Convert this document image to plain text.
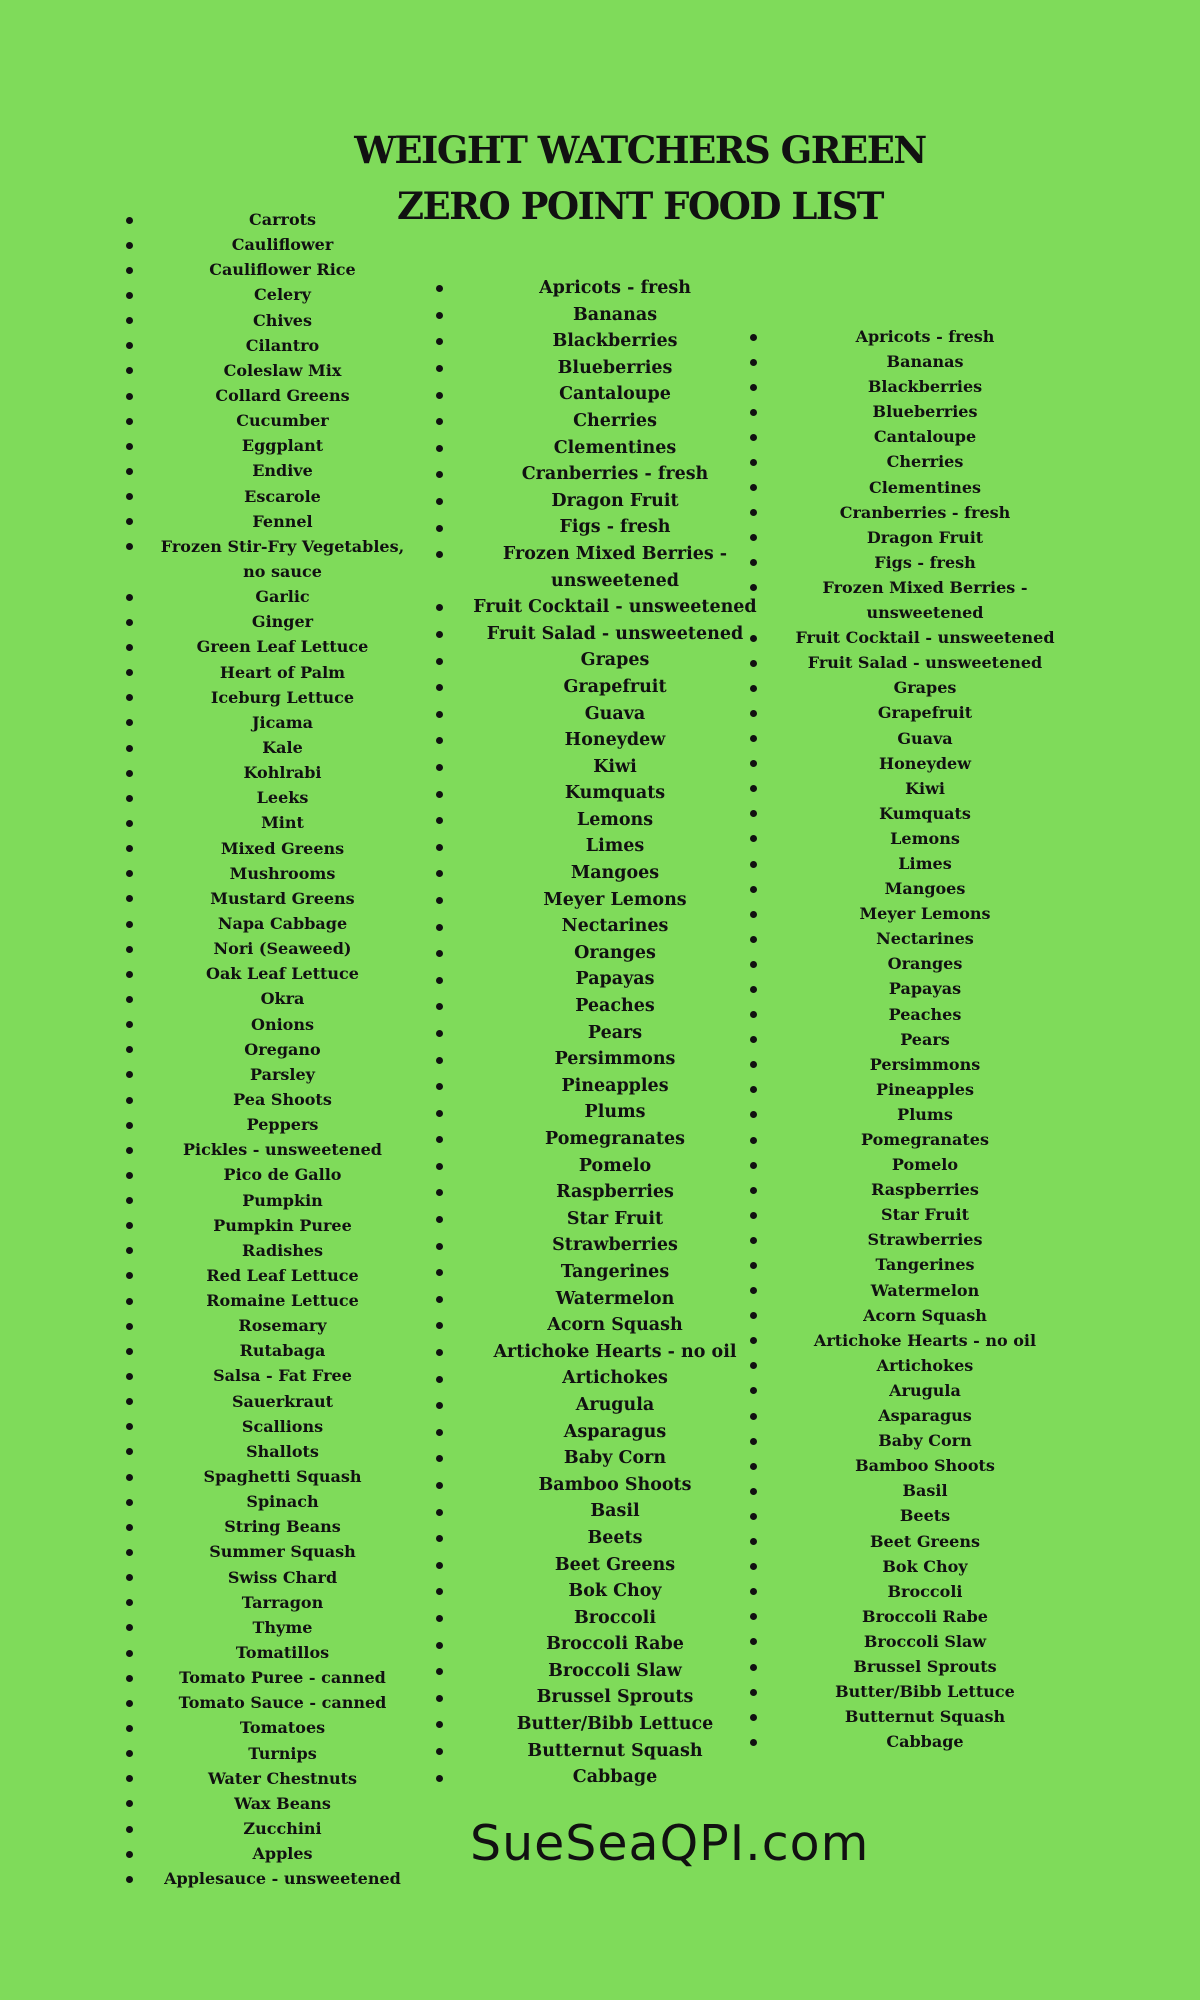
WEIGHT WATCHERS GREEN
ZERO POINT FOOD LIST
Carrots
Cauliflower
Cauliflower Rice
Celery
Chives
Cilantro
Coleslaw Mix
Collard Greens
Cucumber
Eggplant
Endive
Escarole
Fennel
Frozen Stir-Fry Vegetables, no sauce
Garlic
Ginger
Green Leaf Lettuce
Heart of Palm
Iceburg Lettuce
Jicama
Kale
Kohlrabi
Leeks
Mint
Mixed Greens
Mushrooms
Mustard Greens
Napa Cabbage
Nori (Seaweed)
Oak Leaf Lettuce
Okra
Onions
Oregano
Parsley
Pea Shoots
Peppers
Pickles - unsweetened
Pico de Gallo
Pumpkin
Pumpkin Puree
Radishes
Red Leaf Lettuce
Romaine Lettuce
Rosemary
Rutabaga
Salsa - Fat Free
Sauerkraut
Scallions
Shallots
Spaghetti Squash
Spinach
String Beans
Summer Squash
Swiss Chard
Tarragon
Thyme
Tomatillos
Tomato Puree - canned
Tomato Sauce - canned
Tomatoes
Turnips
Water Chestnuts
Wax Beans
Zucchini
Apples
Applesauce - unsweetened
Apricots - fresh
Bananas
Blackberries
Blueberries
Cantaloupe
Cherries
Clementines
Cranberries - fresh
Dragon Fruit
Figs - fresh
Frozen Mixed Berries - unsweetened
Fruit Cocktail - unsweetened
Fruit Salad - unsweetened
Grapes
Grapefruit
Guava
Honeydew
Kiwi
Kumquats
Lemons
Limes
Mangoes
Meyer Lemons
Nectarines
Oranges
Papayas
Peaches
Pears
Persimmons
Pineapples
Plums
Pomegranates
Pomelo
Raspberries
Star Fruit
Strawberries
Tangerines
Watermelon
Acorn Squash
Artichoke Hearts - no oil
Artichokes
Arugula
Asparagus
Baby Corn
Bamboo Shoots
Basil
Beets
Beet Greens
Bok Choy
Broccoli
Broccoli Rabe
Broccoli Slaw
Brussel Sprouts
Butter/Bibb Lettuce
Butternut Squash
Cabbage
Apricots - fresh
Bananas
Blackberries
Blueberries
Cantaloupe
Cherries
Clementines
Cranberries - fresh
Dragon Fruit
Figs - fresh
Frozen Mixed Berries - unsweetened
Fruit Cocktail - unsweetened
Fruit Salad - unsweetened
Grapes
Grapefruit
Guava
Honeydew
Kiwi
Kumquats
Lemons
Limes
Mangoes
Meyer Lemons
Nectarines
Oranges
Papayas
Peaches
Pears
Persimmons
Pineapples
Plums
Pomegranates
Pomelo
Raspberries
Star Fruit
Strawberries
Tangerines
Watermelon
Acorn Squash
Artichoke Hearts - no oil
Artichokes
Arugula
Asparagus
Baby Corn
Bamboo Shoots
Basil
Beets
Beet Greens
Bok Choy
Broccoli
Broccoli Rabe
Broccoli Slaw
Brussel Sprouts
Butter/Bibb Lettuce
Butternut Squash
Cabbage
SueSeaQPI.com
